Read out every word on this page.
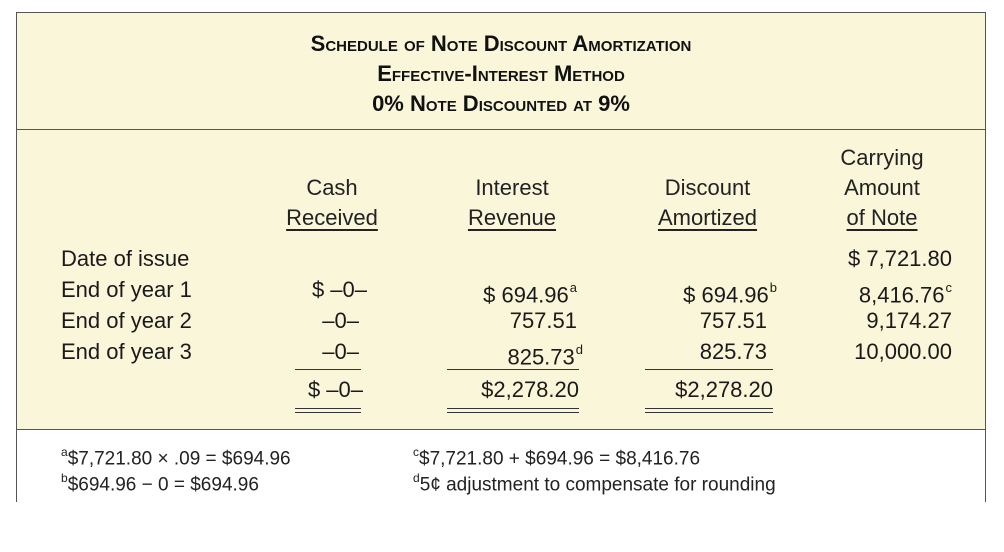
Schedule of Note Discount Amortization
Effective-Interest Method
0% Note Discounted at 9%
Cash
Received
Interest
Revenue
Discount
Amortized
Carrying
Amount
of Note
Date of issue
End of year 1
End of year 2
End of year 3
$ –0–
–0–
–0–
$ 694.96$^a$
757.51
825.73$^d$
$ 694.96$^b$
757.51
825.73
$ 7,721.80
8,416.76$^c$
9,174.27
10,000.00
$ –0–	$2,278.20	$2,278.20
$^a$\$7,721.80 × .09 = $694.96
$^b$\$694.96 − 0 = $694.96
$^c$\$7,721.80 + $694.96 = $8,416.76
$^d$5¢ adjustment to compensate for rounding
